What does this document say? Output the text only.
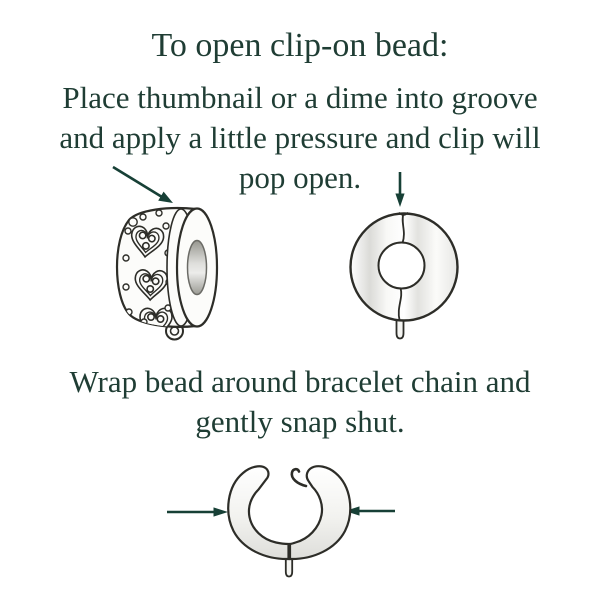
To open clip-on bead:
Place thumbnail or a dime into groove
and apply a little pressure and clip will
pop open.
Wrap bead around bracelet chain and
gently snap shut.
